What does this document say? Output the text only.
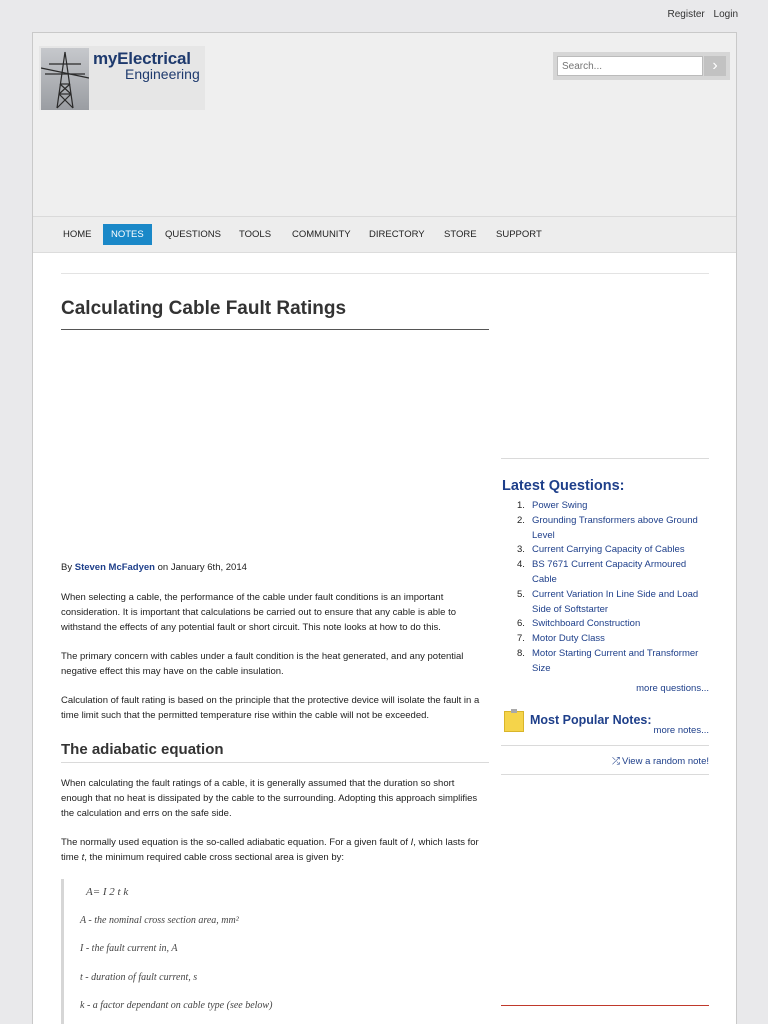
Register Login
myElectrical
Engineering
Search...	›
HOME	NOTES	QUESTIONS	TOOLS	COMMUNITY	DIRECTORY	STORE	SUPPORT
Calculating Cable Fault Ratings
By Steven McFadyen on January 6th, 2014

When selecting a cable, the performance of the cable under fault conditions is an important consideration. It is important that calculations be carried out to ensure that any cable is able to withstand the effects of any potential fault or short circuit. This note looks at how to do this.

The primary concern with cables under a fault condition is the heat generated, and any potential negative effect this may have on the cable insulation.

Calculation of fault rating is based on the principle that the protective device will isolate the fault in a time limit such that the permitted temperature rise within the cable will not be exceeded.

The adiabatic equation

When calculating the fault ratings of a cable, it is generally assumed that the duration so short enough that no heat is dissipated by the cable to the surrounding. Adopting this approach simplifies the calculation and errs on the safe side.

The normally used equation is the so-called adiabatic equation. For a given fault of I, which lasts for time t, the minimum required cable cross sectional area is given by:

A= I 2 t k
A - the nominal cross section area, mm²
I - the fault current in, A
t - duration of fault current, s
k - a factor dependant on cable type (see below)
Latest Questions:
1. Power Swing
2. Grounding Transformers above Ground Level
3. Current Carrying Capacity of Cables
4. BS 7671 Current Capacity Armoured Cable
5. Current Variation In Line Side and Load Side of Softstarter
6. Switchboard Construction
7. Motor Duty Class
8. Motor Starting Current and Transformer Size
more questions...
Most Popular Notes:
more notes...
⤮ View a random note!
